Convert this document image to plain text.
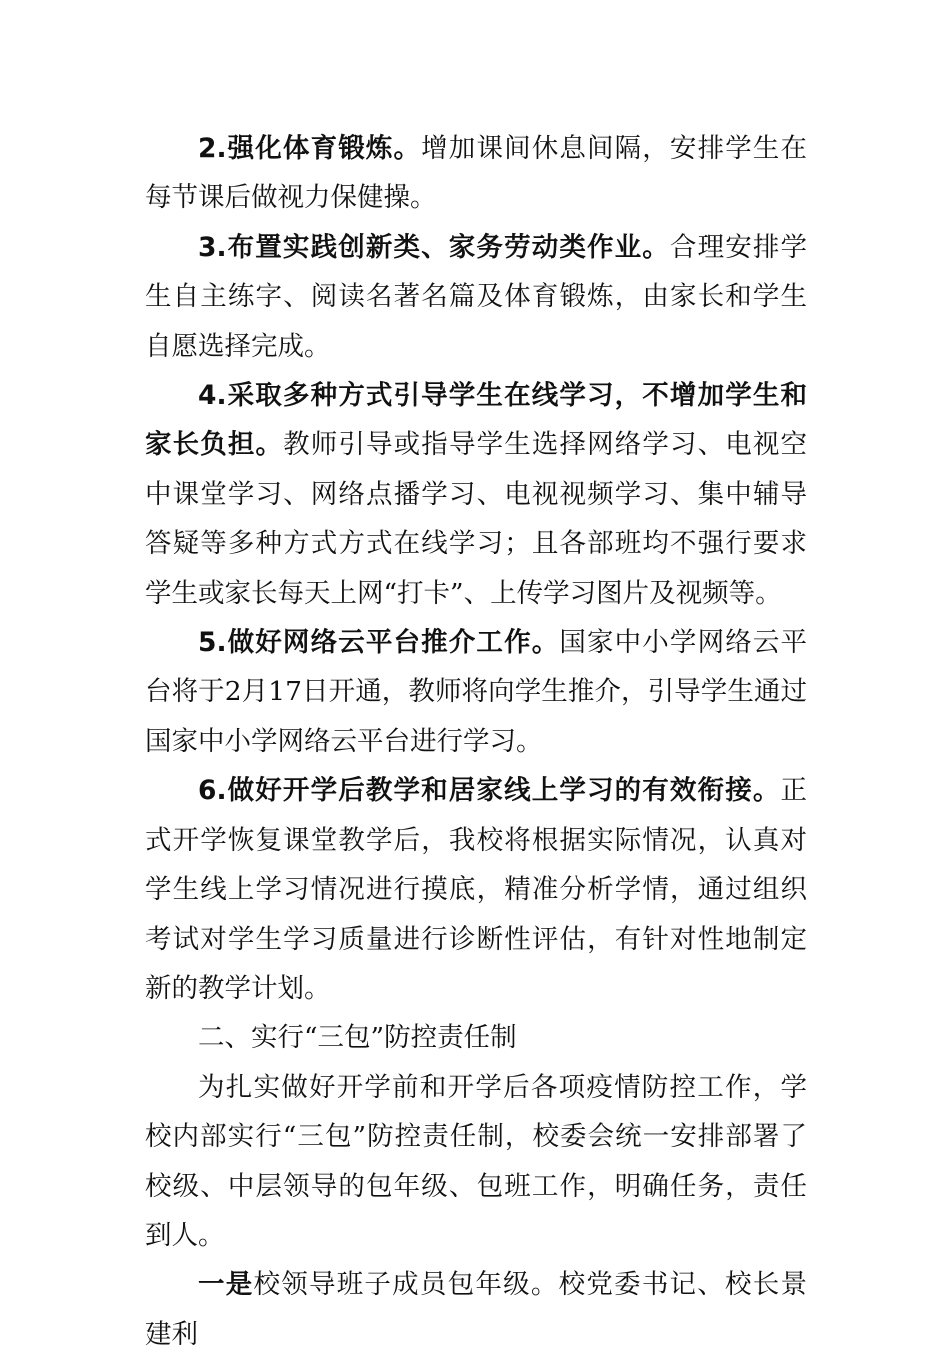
2.强化体育锻炼。增加课间休息间隔，安排学生在每节课后做视力保健操。

3.布置实践创新类、家务劳动类作业。合理安排学生自主练字、阅读名著名篇及体育锻炼，由家长和学生自愿选择完成。

4.采取多种方式引导学生在线学习，不增加学生和家长负担。教师引导或指导学生选择网络学习、电视空中课堂学习、网络点播学习、电视视频学习、集中辅导答疑等多种方式方式在线学习；且各部班均不强行要求学生或家长每天上网“打卡”、上传学习图片及视频等。

5.做好网络云平台推介工作。国家中小学网络云平台将于2月17日开通，教师将向学生推介，引导学生通过国家中小学网络云平台进行学习。

6.做好开学后教学和居家线上学习的有效衔接。正式开学恢复课堂教学后，我校将根据实际情况，认真对学生线上学习情况进行摸底，精准分析学情，通过组织考试对学生学习质量进行诊断性评估，有针对性地制定新的教学计划。

二、实行“三包”防控责任制

为扎实做好开学前和开学后各项疫情防控工作，学校内部实行“三包”防控责任制，校委会统一安排部署了校级、中层领导的包年级、包班工作，明确任务，责任到人。

一是校领导班子成员包年级。校党委书记、校长景建利
